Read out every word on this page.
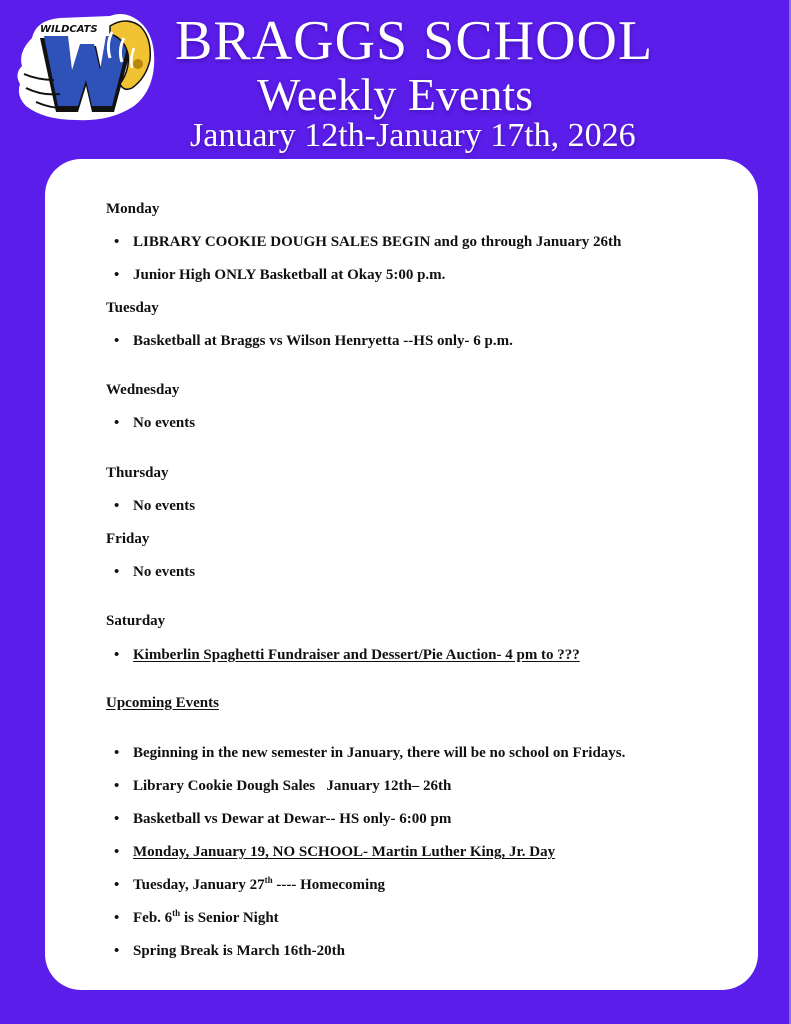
WILDCATS BRAGGS SCHOOL
Weekly Events
January 12th-January 17th, 2026
Monday
• LIBRARY COOKIE DOUGH SALES BEGIN and go through January 26th
• Junior High ONLY Basketball at Okay 5:00 p.m.
Tuesday
• Basketball at Braggs vs Wilson Henryetta --HS only- 6 p.m.
Wednesday
• No events
Thursday
• No events
Friday
• No events
Saturday
• Kimberlin Spaghetti Fundraiser and Dessert/Pie Auction- 4 pm to ???
Upcoming Events
• Beginning in the new semester in January, there will be no school on Fridays.
• Library Cookie Dough Sales   January 12th– 26th
• Basketball vs Dewar at Dewar-- HS only- 6:00 pm
• Monday, January 19, NO SCHOOL- Martin Luther King, Jr. Day
• Tuesday, January 27th ---- Homecoming
• Feb. 6th is Senior Night
• Spring Break is March 16th-20th
